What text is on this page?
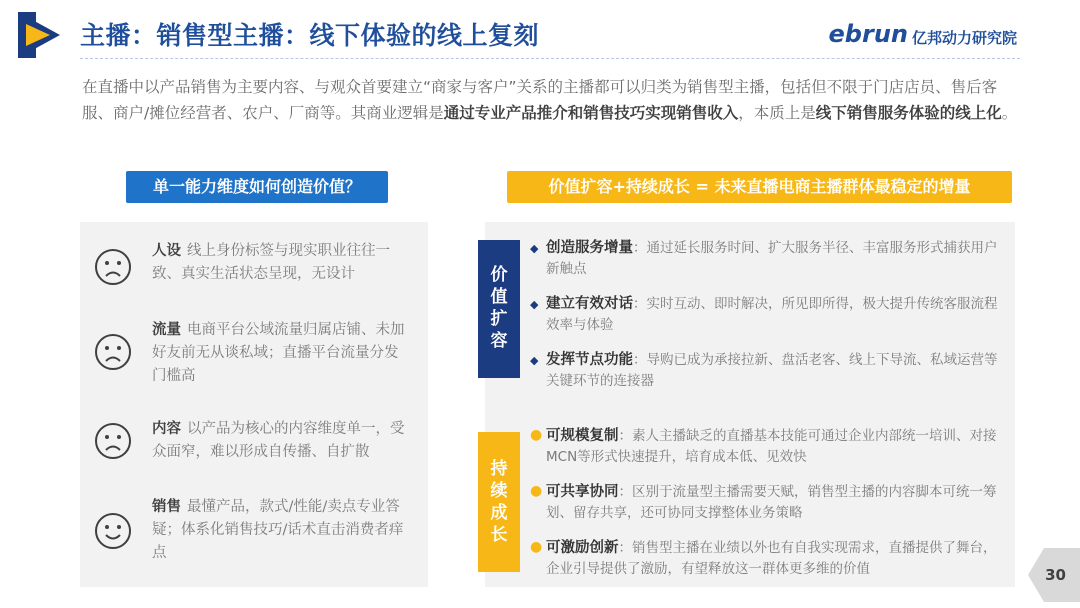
主播：销售型主播：线下体验的线上复刻	ebrun 亿邦动力研究院
在直播中以产品销售为主要内容、与观众首要建立“商家与客户”关系的主播都可以归类为销售型主播，包括但不限于门店店员、售后客服、商户/摊位经营者、农户、厂商等。其商业逻辑是通过专业产品推介和销售技巧实现销售收入，本质上是线下销售服务体验的线上化。
单一能力维度如何创造价值？	价值扩容+持续成长 = 未来直播电商主播群体最稳定的增量
人设 线上身份标签与现实职业往往一致、真实生活状态呈现，无设计
流量 电商平台公域流量归属店铺、未加好友前无从谈私域；直播平台流量分发门槛高
内容 以产品为核心的内容维度单一，受众面窄，难以形成自传播、自扩散
销售 最懂产品，款式/性能/卖点专业答疑；体系化销售技巧/话术直击消费者痒点
价
值
扩
容
持
续
成
长
◆ 创造服务增量：通过延长服务时间、扩大服务半径、丰富服务形式捕获用户新触点
◆ 建立有效对话：实时互动、即时解决，所见即所得，极大提升传统客服流程效率与体验
◆ 发挥节点功能：导购已成为承接拉新、盘活老客、线上下导流、私域运营等关键环节的连接器
● 可规模复制：素人主播缺乏的直播基本技能可通过企业内部统一培训、对接MCN等形式快速提升，培育成本低、见效快
● 可共享协同：区别于流量型主播需要天赋，销售型主播的内容脚本可统一筹划、留存共享，还可协同支撑整体业务策略
● 可激励创新：销售型主播在业绩以外也有自我实现需求，直播提供了舞台，企业引导提供了激励，有望释放这一群体更多维的价值	30
